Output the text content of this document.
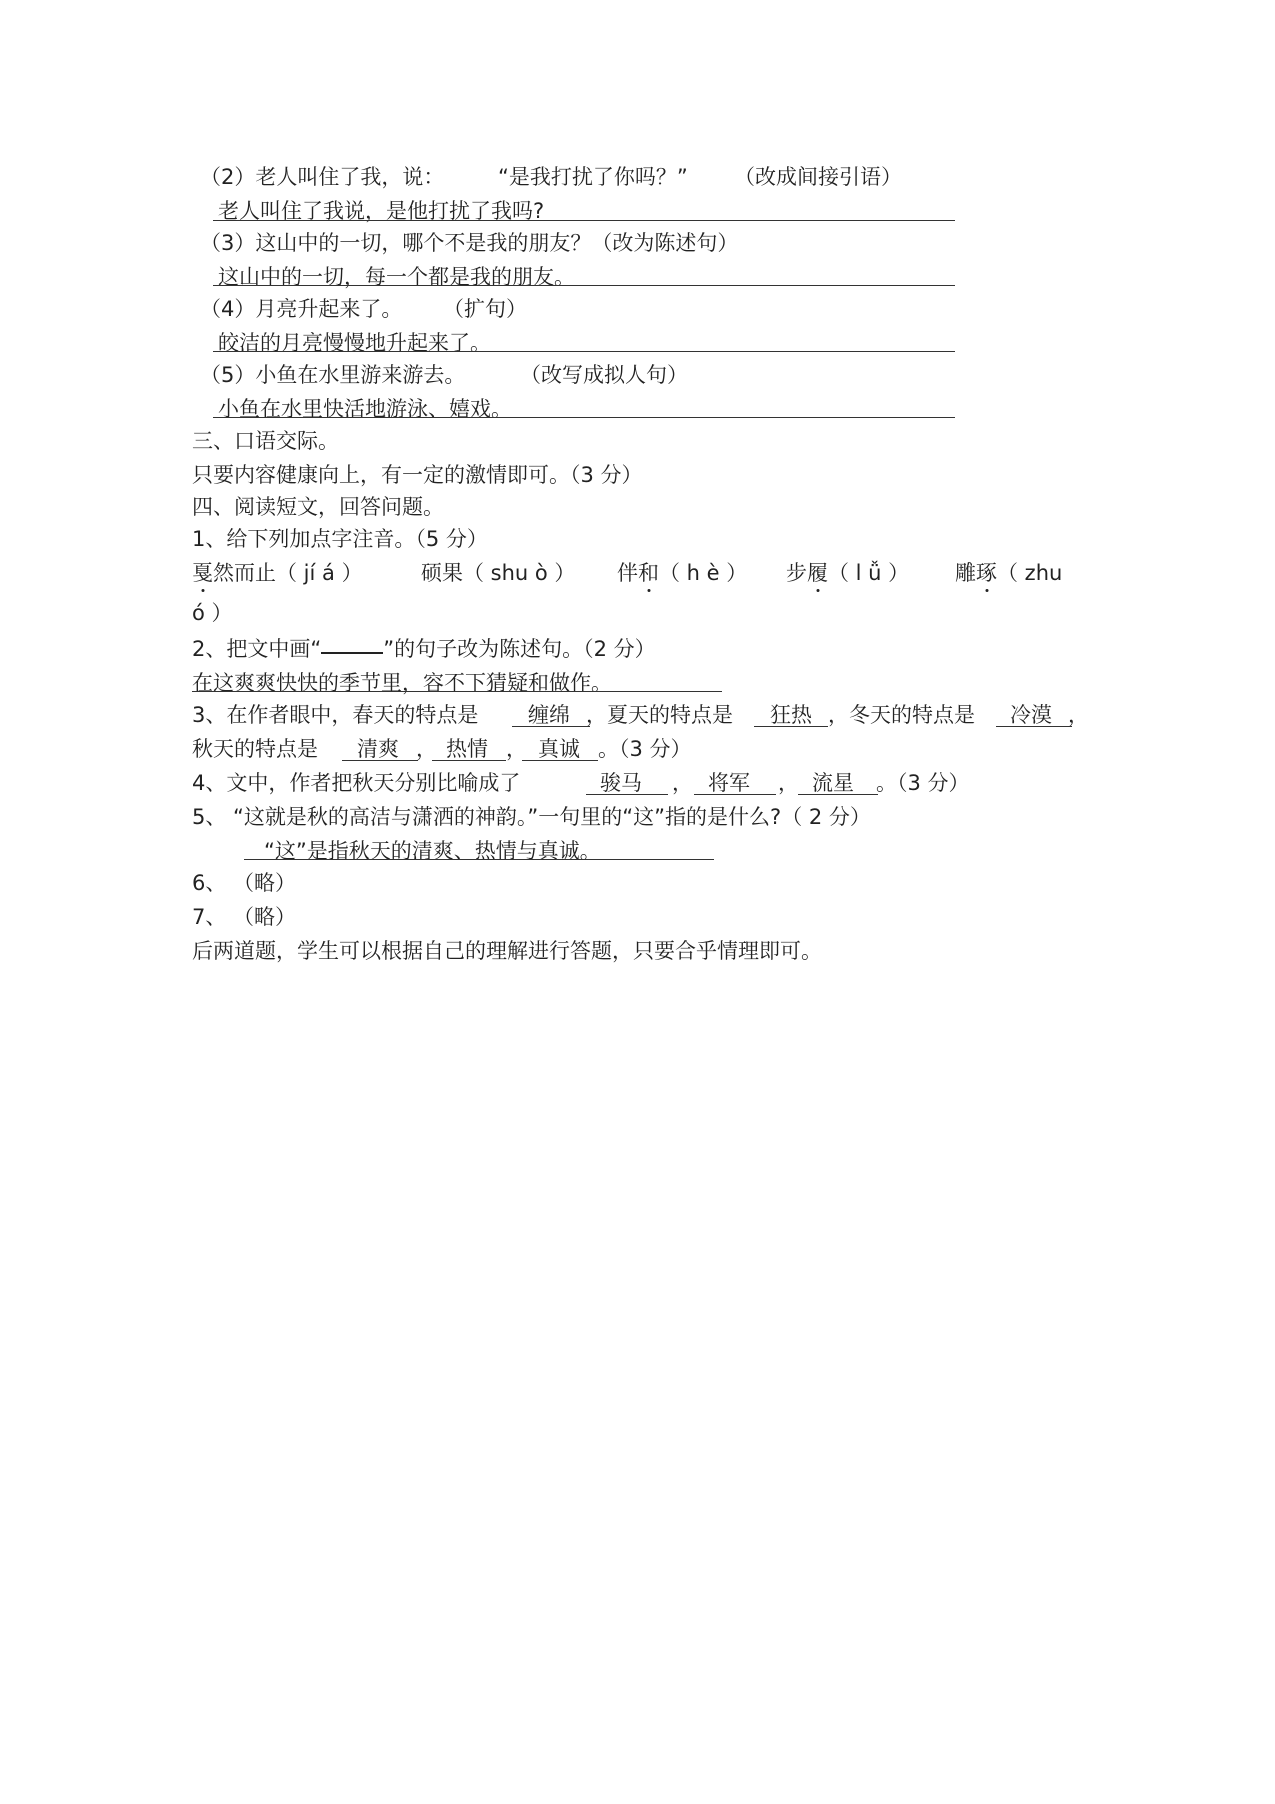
（2）老人叫住了我，说：	“是我打扰了你吗？” （改成间接引语）
老人叫住了我说，是他打扰了我吗?
（3）这山中的一切，哪个不是我的朋友？（改为陈述句）
这山中的一切，每一个都是我的朋友。
（4）月亮升起来了。 （扩句）
皎洁的月亮慢慢地升起来了。
（5）小鱼在水里游来游去。	（改写成拟人句）
小鱼在水里快活地游泳、嬉戏。
三、口语交际。
只要内容健康向上，有一定的激情即可。（3 分）
四、阅读短文，回答问题。
1、给下列加点字注音。（5 分）
戛然而止（ jí á ）	硕果（ shu ò ） 伴和（ h è ） 步履（ l ǚ ） 雕琢（ zhu
ó ）
2、把文中画“	”的句子改为陈述句。（2 分）
在这爽爽快快的季节里，容不下猜疑和做作。
3、在作者眼中，春天的特点是 缠绵 ，夏天的特点是 狂热 ，冬天的特点是 冷漠 ，
秋天的特点是 清爽 ， 热情 ， 真诚 。（3 分）
4、文中，作者把秋天分别比喻成了	骏马 ， 将军 ， 流星 。（3 分）
5、 “这就是秋的高洁与潇洒的神韵。”一句里的“这”指的是什么?（ 2 分）
“这”是指秋天的清爽、热情与真诚。
6、 （略）
7、 （略）
后两道题，学生可以根据自己的理解进行答题，只要合乎情理即可。
